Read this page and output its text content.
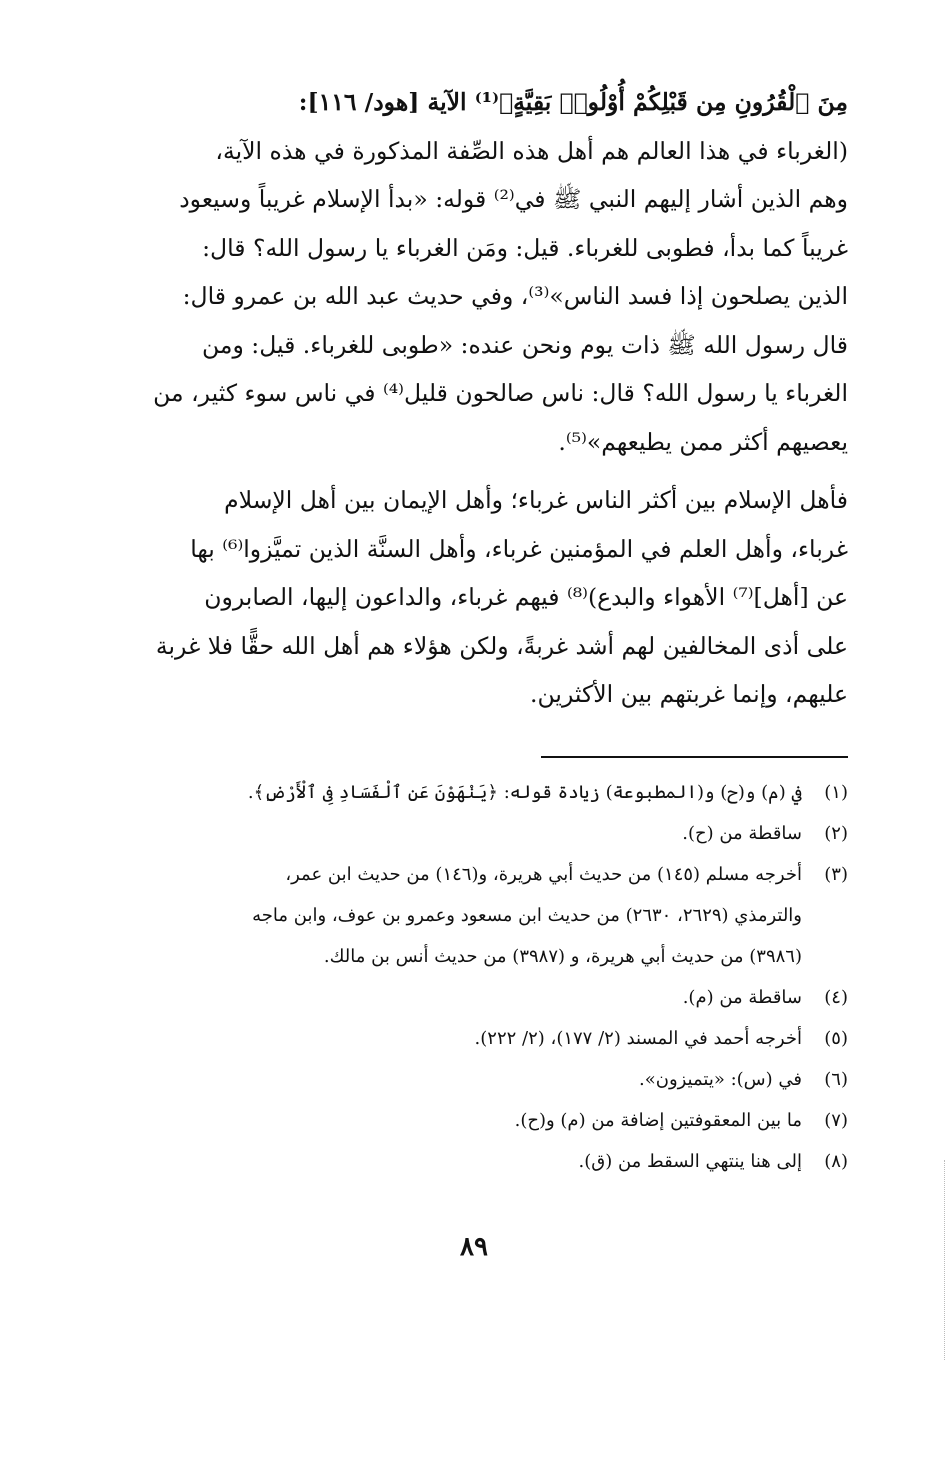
مِنَ ٱلْقُرُونِ مِن قَبْلِكُمْ أُوْلُوا۟ بَقِيَّةٍ﴾⁽¹⁾ الآية [هود/ ١١٦]:
(الغرباء في هذا العالم هم أهل هذه الصِّفة المذكورة في هذه الآية،
وهم الذين أشار إليهم النبي ﷺ في⁽²⁾ قوله: «بدأ الإسلام غريباً وسيعود
غريباً كما بدأ، فطوبى للغرباء. قيل: ومَن الغرباء يا رسول الله؟ قال:
الذين يصلحون إذا فسد الناس»⁽³⁾، وفي حديث عبد الله بن عمرو قال:
قال رسول الله ﷺ ذات يوم ونحن عنده: «طوبى للغرباء. قيل: ومن
الغرباء يا رسول الله؟ قال: ناس صالحون قليل⁽⁴⁾ في ناس سوء كثير، من
يعصيهم أكثر ممن يطيعهم»⁽⁵⁾.
فأهل الإسلام بين أكثر الناس غرباء؛ وأهل الإيمان بين أهل الإسلام
غرباء، وأهل العلم في المؤمنين غرباء، وأهل السنَّة الذين تميَّزوا⁽⁶⁾ بها
عن [أهل]⁽⁷⁾ الأهواء والبدع)⁽⁸⁾ فيهم غرباء، والداعون إليها، الصابرون
على أذى المخالفين لهم أشد غربةً، ولكن هؤلاء هم أهل الله حقًّا فلا غربة
عليهم، وإنما غربتهم بين الأكثرين.
(١)
في (م) و(ح) و(المطبوعة) زيادة قوله: ﴿يَنْهَوْنَ عَنِ ٱلْفَسَادِ فِى ٱلْأَرْضِ﴾.
(٢)
ساقطة من (ح).
(٣)
أخرجه مسلم (١٤٥) من حديث أبي هريرة، و(١٤٦) من حديث ابن عمر،
والترمذي (٢٦٢٩، ٢٦٣٠) من حديث ابن مسعود وعمرو بن عوف، وابن ماجه
(٣٩٨٦) من حديث أبي هريرة، و (٣٩٨٧) من حديث أنس بن مالك.
(٤)
ساقطة من (م).
(٥)
أخرجه أحمد في المسند (٢/ ١٧٧)، (٢/ ٢٢٢).
(٦)
في (س): «يتميزون».
(٧)
ما بين المعقوفتين إضافة من (م) و(ح).
(٨)
إلى هنا ينتهي السقط من (ق).
٨٩
